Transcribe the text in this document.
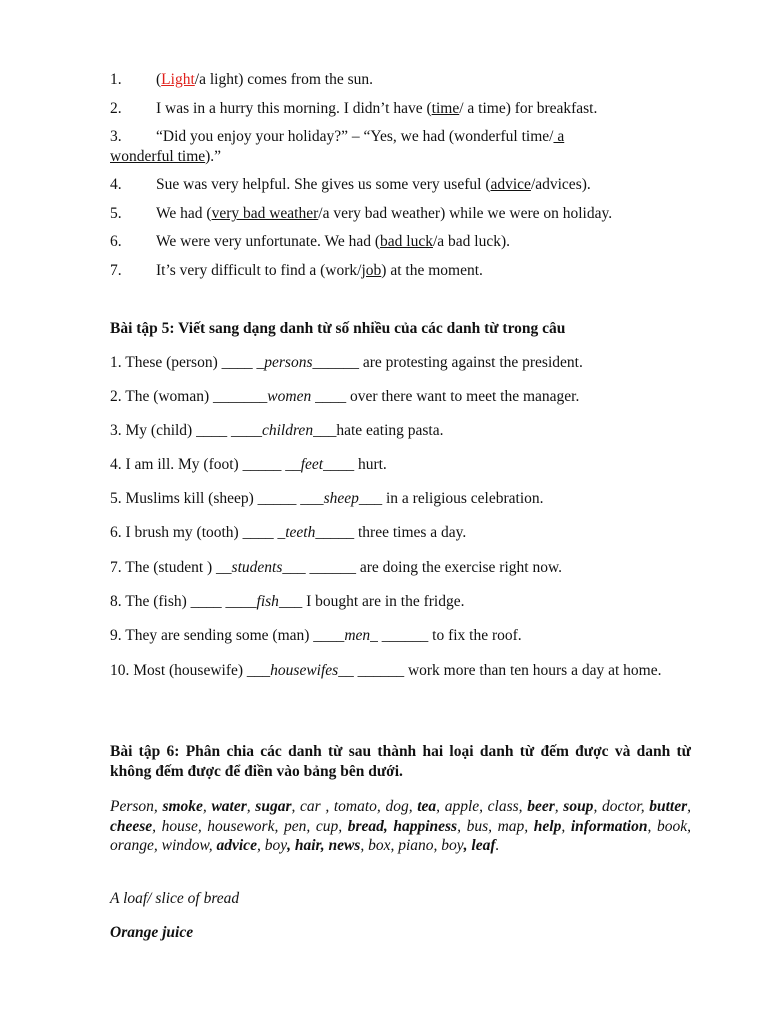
1. (Light/a light) comes from the sun.
2. I was in a hurry this morning. I didn’t have (time/ a time) for breakfast.
3. “Did you enjoy your holiday?” – “Yes, we had (wonderful time/ a
wonderful time).”
4. Sue was very helpful. She gives us some very useful (advice/advices).
5. We had (very bad weather/a very bad weather) while we were on holiday.
6. We were very unfortunate. We had (bad luck/a bad luck).
7. It’s very difficult to find a (work/job) at the moment.
Bài tập 5: Viết sang dạng danh từ số nhiều của các danh từ trong câu
1. These (person) ____ _persons______ are protesting against the president.
2. The (woman) _______women ____ over there want to meet the manager.
3. My (child) ____ ____children___hate eating pasta.
4. I am ill. My (foot) _____ __feet____ hurt.
5. Muslims kill (sheep) _____ ___sheep___ in a religious celebration.
6. I brush my (tooth) ____ _teeth_____ three times a day.
7. The (student ) __students___ ______ are doing the exercise right now.
8. The (fish) ____ ____fish___ I bought are in the fridge.
9. They are sending some (man) ____men_ ______ to fix the roof.
10. Most (housewife) ___housewifes__ ______ work more than ten hours a day at home.
Bài tập 6: Phân chia các danh từ sau thành hai loại danh từ đếm được và danh từ không đếm được để điền vào bảng bên dưới.
Person, smoke, water, sugar, car , tomato, dog, tea, apple, class, beer, soup, doctor, butter, cheese, house, housework, pen, cup, bread, happiness, bus, map, help, information, book, orange, window, advice, boy, hair, news, box, piano, boy, leaf.
A loaf/ slice of bread
Orange juice
